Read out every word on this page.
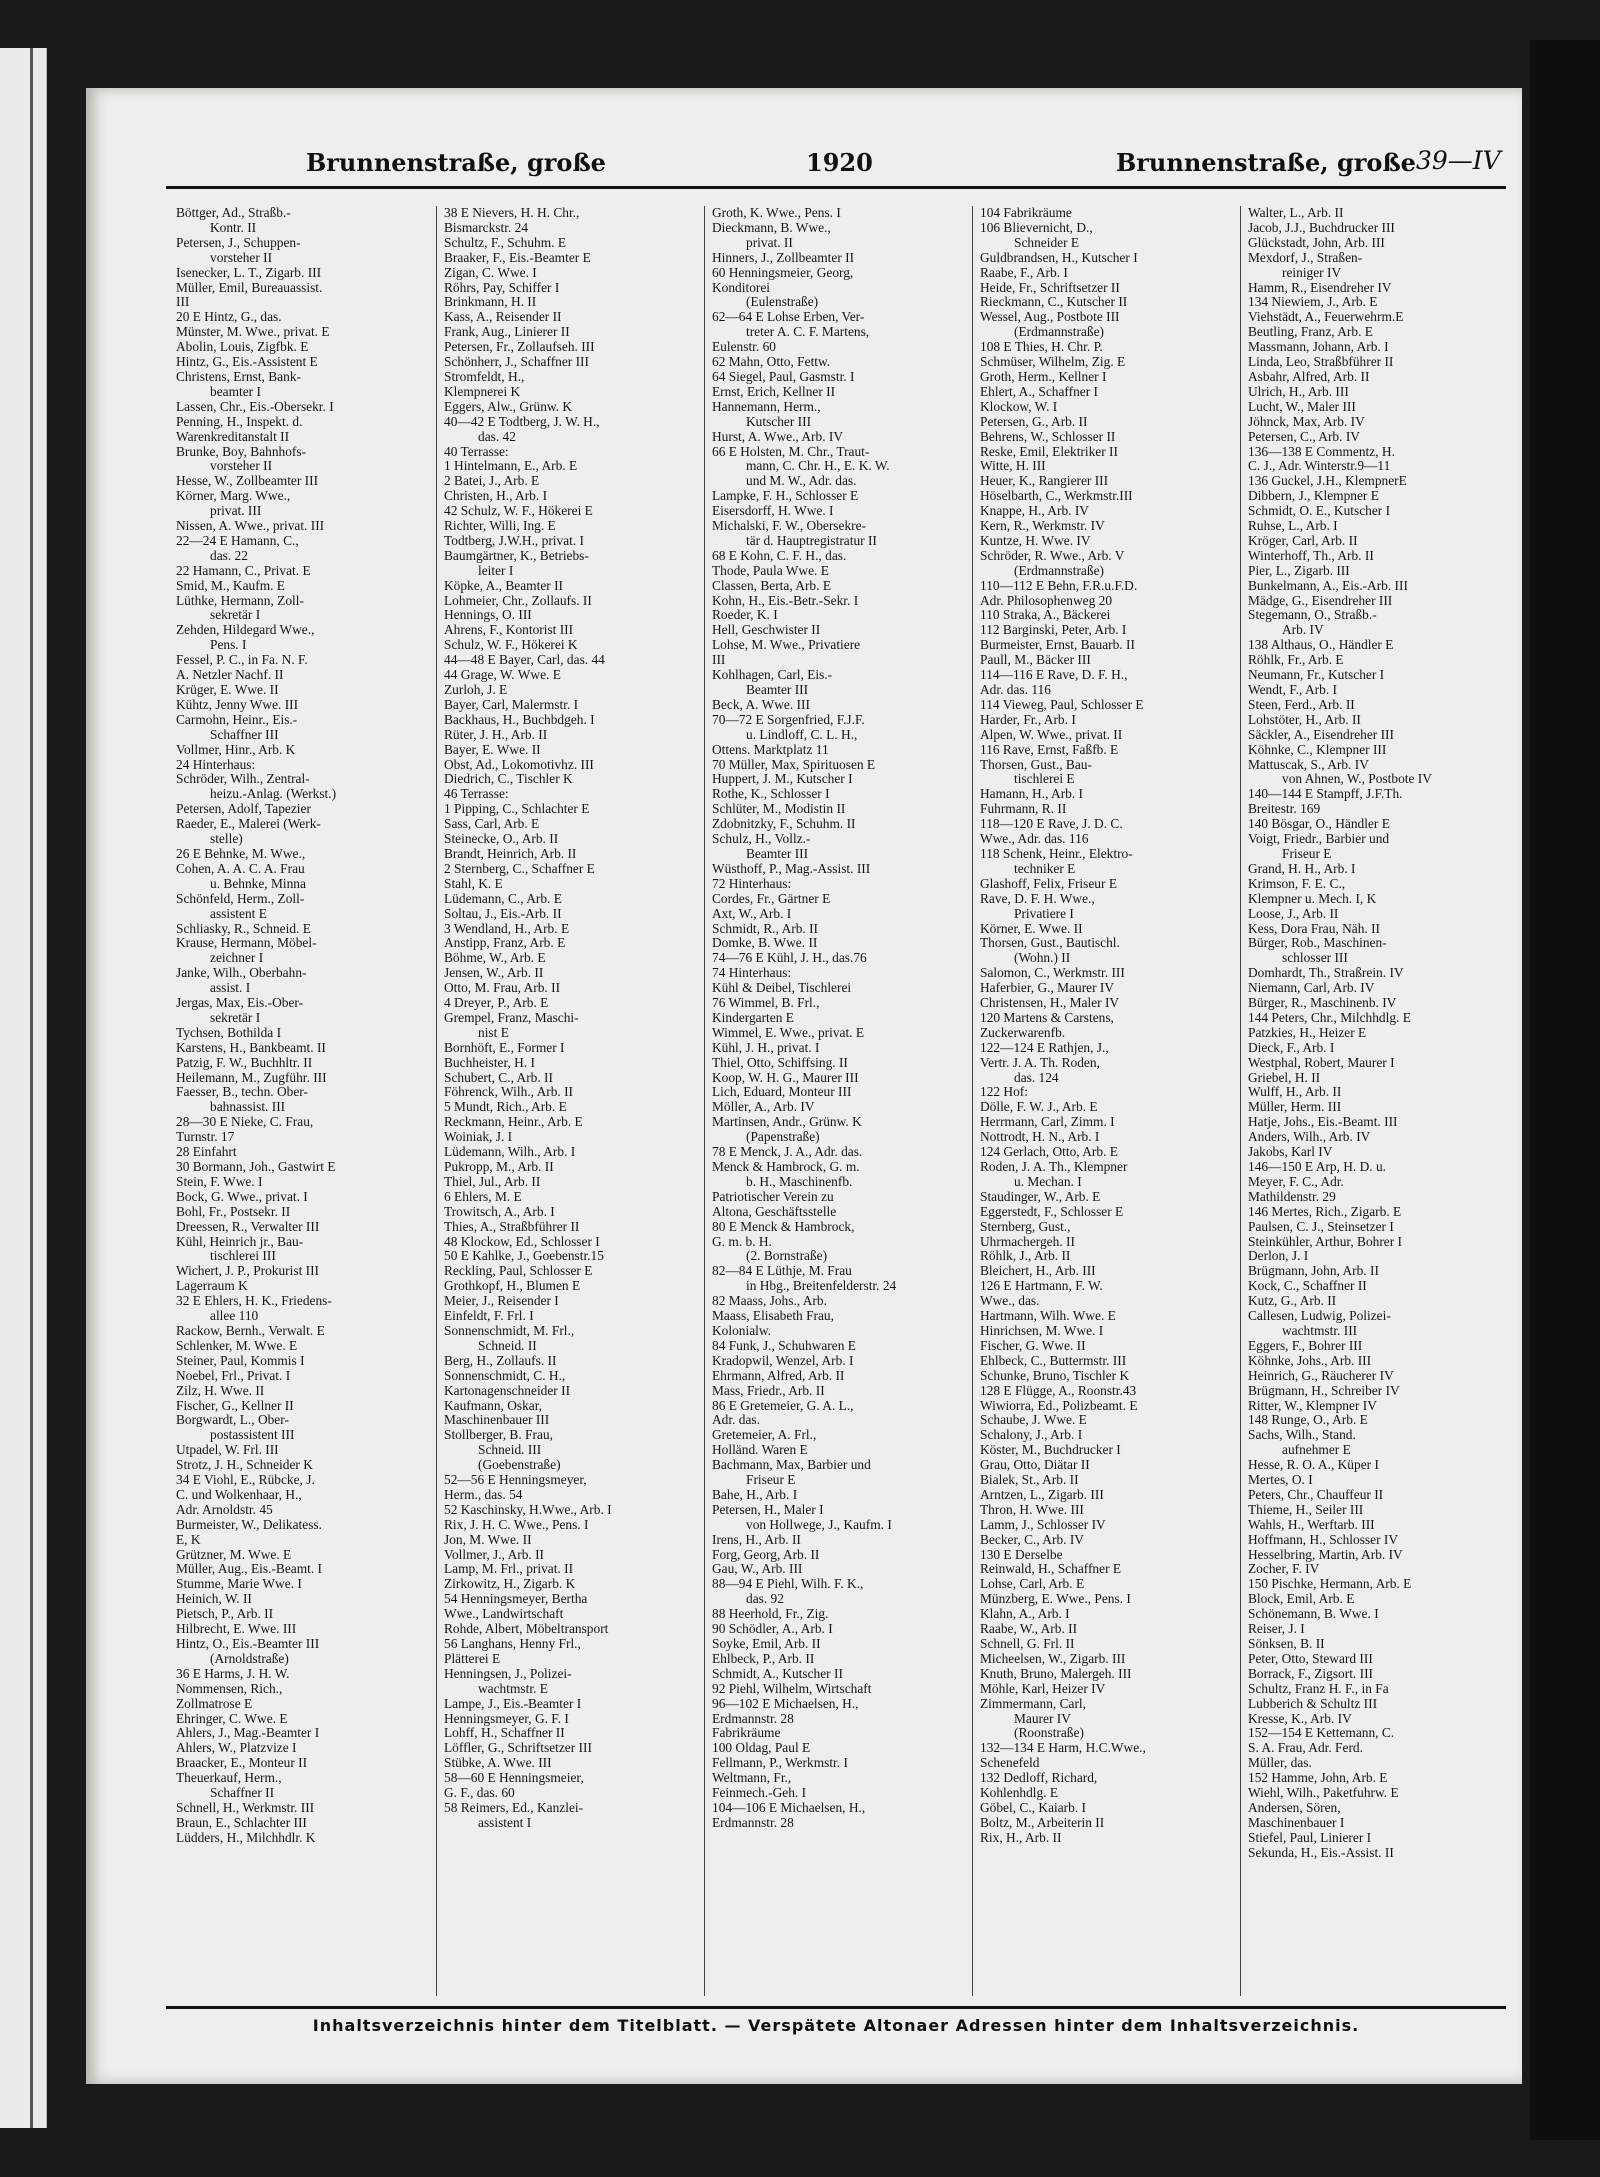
Brunnenstraße, große	1920	Brunnenstraße, große 39—IV
Böttger, Ad., Straßb.-
Kontr. II
Petersen, J., Schuppen-
vorsteher II
Isenecker, L. T., Zigarb. III
Müller, Emil, Bureauassist.
III
20 E Hintz, G., das.
Münster, M. Wwe., privat. E
Abolin, Louis, Zigfbk. E
Hintz, G., Eis.-Assistent E
Christens, Ernst, Bank-
beamter I
Lassen, Chr., Eis.-Obersekr. I
Penning, H., Inspekt. d.
Warenkreditanstalt II
Brunke, Boy, Bahnhofs-
vorsteher II
Hesse, W., Zollbeamter III
Körner, Marg. Wwe.,
privat. III
Nissen, A. Wwe., privat. III
22—24 E Hamann, C.,
das. 22
22 Hamann, C., Privat. E
Smid, M., Kaufm. E
Lüthke, Hermann, Zoll-
sekretär I
Zehden, Hildegard Wwe.,
Pens. I
Fessel, P. C., in Fa. N. F.
A. Netzler Nachf. II
Krüger, E. Wwe. II
Kühtz, Jenny Wwe. III
Carmohn, Heinr., Eis.-
Schaffner III
Vollmer, Hinr., Arb. K
24 Hinterhaus:
Schröder, Wilh., Zentral-
heizu.-Anlag. (Werkst.)
Petersen, Adolf, Tapezier
Raeder, E., Malerei (Werk-
stelle)
26 E Behnke, M. Wwe.,
Cohen, A. A. C. A. Frau
u. Behnke, Minna
Schönfeld, Herm., Zoll-
assistent E
Schliasky, R., Schneid. E
Krause, Hermann, Möbel-
zeichner I
Janke, Wilh., Oberbahn-
assist. I
Jergas, Max, Eis.-Ober-
sekretär I
Tychsen, Bothilda I
Karstens, H., Bankbeamt. II
Patzig, F. W., Buchhltr. II
Heilemann, M., Zugführ. III
Faesser, B., techn. Ober-
bahnassist. III
28—30 E Nieke, C. Frau,
Turnstr. 17
28 Einfahrt
30 Bormann, Joh., Gastwirt E
Stein, F. Wwe. I
Bock, G. Wwe., privat. I
Bohl, Fr., Postsekr. II
Dreessen, R., Verwalter III
Kühl, Heinrich jr., Bau-
tischlerei III
Wichert, J. P., Prokurist III
Lagerraum K
32 E Ehlers, H. K., Friedens-
allee 110
Rackow, Bernh., Verwalt. E
Schlenker, M. Wwe. E
Steiner, Paul, Kommis I
Noebel, Frl., Privat. I
Zilz, H. Wwe. II
Fischer, G., Kellner II
Borgwardt, L., Ober-
postassistent III
Utpadel, W. Frl. III
Strotz, J. H., Schneider K
34 E Viohl, E., Rübcke, J.
C. und Wolkenhaar, H.,
Adr. Arnoldstr. 45
Burmeister, W., Delikatess.
E, K
Grützner, M. Wwe. E
Müller, Aug., Eis.-Beamt. I
Stumme, Marie Wwe. I
Heinich, W. II
Pietsch, P., Arb. II
Hilbrecht, E. Wwe. III
Hintz, O., Eis.-Beamter III
(Arnoldstraße)
36 E Harms, J. H. W.
Nommensen, Rich.,
Zollmatrose E
Ehringer, C. Wwe. E
Ahlers, J., Mag.-Beamter I
Ahlers, W., Platzvize I
Braacker, E., Monteur II
Theuerkauf, Herm.,
Schaffner II
Schnell, H., Werkmstr. III
Braun, E., Schlachter III
Lüdders, H., Milchhdlr. K
38 E Nievers, H. H. Chr.,
Bismarckstr. 24
Schultz, F., Schuhm. E
Braaker, F., Eis.-Beamter E
Zigan, C. Wwe. I
Röhrs, Pay, Schiffer I
Brinkmann, H. II
Kass, A., Reisender II
Frank, Aug., Linierer II
Petersen, Fr., Zollaufseh. III
Schönherr, J., Schaffner III
Stromfeldt, H.,
Klempnerei K
Eggers, Alw., Grünw. K
40—42 E Todtberg, J. W. H.,
das. 42
40 Terrasse:
1 Hintelmann, E., Arb. E
2 Batei, J., Arb. E
Christen, H., Arb. I
42 Schulz, W. F., Hökerei E
Richter, Willi, Ing. E
Todtberg, J.W.H., privat. I
Baumgärtner, K., Betriebs-
leiter I
Köpke, A., Beamter II
Lohmeier, Chr., Zollaufs. II
Hennings, O. III
Ahrens, F., Kontorist III
Schulz, W. F., Hökerei K
44—48 E Bayer, Carl, das. 44
44 Grage, W. Wwe. E
Zurloh, J. E
Bayer, Carl, Malermstr. I
Backhaus, H., Buchbdgeh. I
Rüter, J. H., Arb. II
Bayer, E. Wwe. II
Obst, Ad., Lokomotivhz. III
Diedrich, C., Tischler K
46 Terrasse:
1 Pipping, C., Schlachter E
Sass, Carl, Arb. E
Steinecke, O., Arb. II
Brandt, Heinrich, Arb. II
2 Sternberg, C., Schaffner E
Stahl, K. E
Lüdemann, C., Arb. E
Soltau, J., Eis.-Arb. II
3 Wendland, H., Arb. E
Anstipp, Franz, Arb. E
Böhme, W., Arb. E
Jensen, W., Arb. II
Otto, M. Frau, Arb. II
4 Dreyer, P., Arb. E
Grempel, Franz, Maschi-
nist E
Bornhöft, E., Former I
Buchheister, H. I
Schubert, C., Arb. II
Föhrenck, Wilh., Arb. II
5 Mundt, Rich., Arb. E
Reckmann, Heinr., Arb. E
Woiniak, J. I
Lüdemann, Wilh., Arb. I
Pukropp, M., Arb. II
Thiel, Jul., Arb. II
6 Ehlers, M. E
Trowitsch, A., Arb. I
Thies, A., Straßbführer II
48 Klockow, Ed., Schlosser I
50 E Kahlke, J., Goebenstr.15
Reckling, Paul, Schlosser E
Grothkopf, H., Blumen E
Meier, J., Reisender I
Einfeldt, F. Frl. I
Sonnenschmidt, M. Frl.,
Schneid. II
Berg, H., Zollaufs. II
Sonnenschmidt, C. H.,
Kartonagenschneider II
Kaufmann, Oskar,
Maschinenbauer III
Stollberger, B. Frau,
Schneid. III
(Goebenstraße)
52—56 E Henningsmeyer,
Herm., das. 54
52 Kaschinsky, H.Wwe., Arb. I
Rix, J. H. C. Wwe., Pens. I
Jon, M. Wwe. II
Vollmer, J., Arb. II
Lamp, M. Frl., privat. II
Zirkowitz, H., Zigarb. K
54 Henningsmeyer, Bertha
Wwe., Landwirtschaft
Rohde, Albert, Möbeltransport
56 Langhans, Henny Frl.,
Plätterei E
Henningsen, J., Polizei-
wachtmstr. E
Lampe, J., Eis.-Beamter I
Henningsmeyer, G. F. I
Lohff, H., Schaffner II
Löffler, G., Schriftsetzer III
Stübke, A. Wwe. III
58—60 E Henningsmeier,
G. F., das. 60
58 Reimers, Ed., Kanzlei-
assistent I
Groth, K. Wwe., Pens. I
Dieckmann, B. Wwe.,
privat. II
Hinners, J., Zollbeamter II
60 Henningsmeier, Georg,
Konditorei
(Eulenstraße)
62—64 E Lohse Erben, Ver-
treter A. C. F. Martens,
Eulenstr. 60
62 Mahn, Otto, Fettw.
64 Siegel, Paul, Gasmstr. I
Ernst, Erich, Kellner II
Hannemann, Herm.,
Kutscher III
Hurst, A. Wwe., Arb. IV
66 E Holsten, M. Chr., Traut-
mann, C. Chr. H., E. K. W.
und M. W., Adr. das.
Lampke, F. H., Schlosser E
Eisersdorff, H. Wwe. I
Michalski, F. W., Obersekre-
tär d. Hauptregistratur II
68 E Kohn, C. F. H., das.
Thode, Paula Wwe. E
Classen, Berta, Arb. E
Kohn, H., Eis.-Betr.-Sekr. I
Roeder, K. I
Hell, Geschwister II
Lohse, M. Wwe., Privatiere
III
Kohlhagen, Carl, Eis.-
Beamter III
Beck, A. Wwe. III
70—72 E Sorgenfried, F.J.F.
u. Lindloff, C. L. H.,
Ottens. Marktplatz 11
70 Müller, Max, Spirituosen E
Huppert, J. M., Kutscher I
Rothe, K., Schlosser I
Schlüter, M., Modistin II
Zdobnitzky, F., Schuhm. II
Schulz, H., Vollz.-
Beamter III
Wüsthoff, P., Mag.-Assist. III
72 Hinterhaus:
Cordes, Fr., Gärtner E
Axt, W., Arb. I
Schmidt, R., Arb. II
Domke, B. Wwe. II
74—76 E Kühl, J. H., das.76
74 Hinterhaus:
Kühl & Deibel, Tischlerei
76 Wimmel, B. Frl.,
Kindergarten E
Wimmel, E. Wwe., privat. E
Kühl, J. H., privat. I
Thiel, Otto, Schiffsing. II
Koop, W. H. G., Maurer III
Lich, Eduard, Monteur III
Möller, A., Arb. IV
Martinsen, Andr., Grünw. K
(Papenstraße)
78 E Menck, J. A., Adr. das.
Menck & Hambrock, G. m.
b. H., Maschinenfb.
Patriotischer Verein zu
Altona, Geschäftsstelle
80 E Menck & Hambrock,
G. m. b. H.
(2. Bornstraße)
82—84 E Lüthje, M. Frau
in Hbg., Breitenfelderstr. 24
82 Maass, Johs., Arb.
Maass, Elisabeth Frau,
Kolonialw.
84 Funk, J., Schuhwaren E
Kradopwil, Wenzel, Arb. I
Ehrmann, Alfred, Arb. II
Mass, Friedr., Arb. II
86 E Gretemeier, G. A. L.,
Adr. das.
Gretemeier, A. Frl.,
Holländ. Waren E
Bachmann, Max, Barbier und
Friseur E
Bahe, H., Arb. I
Petersen, H., Maler I
von Hollwege, J., Kaufm. I
Irens, H., Arb. II
Forg, Georg, Arb. II
Gau, W., Arb. III
88—94 E Piehl, Wilh. F. K.,
das. 92
88 Heerhold, Fr., Zig.
90 Schödler, A., Arb. I
Soyke, Emil, Arb. II
Ehlbeck, P., Arb. II
Schmidt, A., Kutscher II
92 Piehl, Wilhelm, Wirtschaft
96—102 E Michaelsen, H.,
Erdmannstr. 28
Fabrikräume
100 Oldag, Paul E
Fellmann, P., Werkmstr. I
Weltmann, Fr.,
Feinmech.-Geh. I
104—106 E Michaelsen, H.,
Erdmannstr. 28
104 Fabrikräume
106 Blievernicht, D.,
Schneider E
Guldbrandsen, H., Kutscher I
Raabe, F., Arb. I
Heide, Fr., Schriftsetzer II
Rieckmann, C., Kutscher II
Wessel, Aug., Postbote III
(Erdmannstraße)
108 E Thies, H. Chr. P.
Schmüser, Wilhelm, Zig. E
Groth, Herm., Kellner I
Ehlert, A., Schaffner I
Klockow, W. I
Petersen, G., Arb. II
Behrens, W., Schlosser II
Reske, Emil, Elektriker II
Witte, H. III
Heuer, K., Rangierer III
Höselbarth, C., Werkmstr.III
Knappe, H., Arb. IV
Kern, R., Werkmstr. IV
Kuntze, H. Wwe. IV
Schröder, R. Wwe., Arb. V
(Erdmannstraße)
110—112 E Behn, F.R.u.F.D.
Adr. Philosophenweg 20
110 Straka, A., Bäckerei
112 Barginski, Peter, Arb. I
Burmeister, Ernst, Bauarb. II
Paull, M., Bäcker III
114—116 E Rave, D. F. H.,
Adr. das. 116
114 Vieweg, Paul, Schlosser E
Harder, Fr., Arb. I
Alpen, W. Wwe., privat. II
116 Rave, Ernst, Faßfb. E
Thorsen, Gust., Bau-
tischlerei E
Hamann, H., Arb. I
Fuhrmann, R. II
118—120 E Rave, J. D. C.
Wwe., Adr. das. 116
118 Schenk, Heinr., Elektro-
techniker E
Glashoff, Felix, Friseur E
Rave, D. F. H. Wwe.,
Privatiere I
Körner, E. Wwe. II
Thorsen, Gust., Bautischl.
(Wohn.) II
Salomon, C., Werkmstr. III
Haferbier, G., Maurer IV
Christensen, H., Maler IV
120 Martens & Carstens,
Zuckerwarenfb.
122—124 E Rathjen, J.,
Vertr. J. A. Th. Roden,
das. 124
122 Hof:
Dölle, F. W. J., Arb. E
Herrmann, Carl, Zimm. I
Nottrodt, H. N., Arb. I
124 Gerlach, Otto, Arb. E
Roden, J. A. Th., Klempner
u. Mechan. I
Staudinger, W., Arb. E
Eggerstedt, F., Schlosser E
Sternberg, Gust.,
Uhrmachergeh. II
Röhlk, J., Arb. II
Bleichert, H., Arb. III
126 E Hartmann, F. W.
Wwe., das.
Hartmann, Wilh. Wwe. E
Hinrichsen, M. Wwe. I
Fischer, G. Wwe. II
Ehlbeck, C., Buttermstr. III
Schunke, Bruno, Tischler K
128 E Flügge, A., Roonstr.43
Wiwiorra, Ed., Polizbeamt. E
Schaube, J. Wwe. E
Schalony, J., Arb. I
Köster, M., Buchdrucker I
Grau, Otto, Diätar II
Bialek, St., Arb. II
Arntzen, L., Zigarb. III
Thron, H. Wwe. III
Lamm, J., Schlosser IV
Becker, C., Arb. IV
130 E Derselbe
Reinwald, H., Schaffner E
Lohse, Carl, Arb. E
Münzberg, E. Wwe., Pens. I
Klahn, A., Arb. I
Raabe, W., Arb. II
Schnell, G. Frl. II
Micheelsen, W., Zigarb. III
Knuth, Bruno, Malergeh. III
Möhle, Karl, Heizer IV
Zimmermann, Carl,
Maurer IV
(Roonstraße)
132—134 E Harm, H.C.Wwe.,
Schenefeld
132 Dedloff, Richard,
Kohlenhdlg. E
Göbel, C., Kaiarb. I
Boltz, M., Arbeiterin II
Rix, H., Arb. II
Walter, L., Arb. II
Jacob, J.J., Buchdrucker III
Glückstadt, John, Arb. III
Mexdorf, J., Straßen-
reiniger IV
Hamm, R., Eisendreher IV
134 Niewiem, J., Arb. E
Viehstädt, A., Feuerwehrm.E
Beutling, Franz, Arb. E
Massmann, Johann, Arb. I
Linda, Leo, Straßbführer II
Asbahr, Alfred, Arb. II
Ulrich, H., Arb. III
Lucht, W., Maler III
Jöhnck, Max, Arb. IV
Petersen, C., Arb. IV
136—138 E Commentz, H.
C. J., Adr. Winterstr.9—11
136 Guckel, J.H., KlempnerE
Dibbern, J., Klempner E
Schmidt, O. E., Kutscher I
Ruhse, L., Arb. I
Kröger, Carl, Arb. II
Winterhoff, Th., Arb. II
Pier, L., Zigarb. III
Bunkelmann, A., Eis.-Arb. III
Mädge, G., Eisendreher III
Stegemann, O., Straßb.-
Arb. IV
138 Althaus, O., Händler E
Röhlk, Fr., Arb. E
Neumann, Fr., Kutscher I
Wendt, F., Arb. I
Steen, Ferd., Arb. II
Lohstöter, H., Arb. II
Säckler, A., Eisendreher III
Köhnke, C., Klempner III
Mattuscak, S., Arb. IV
von Ahnen, W., Postbote IV
140—144 E Stampff, J.F.Th.
Breitestr. 169
140 Bösgar, O., Händler E
Voigt, Friedr., Barbier und
Friseur E
Grand, H. H., Arb. I
Krimson, F. E. C.,
Klempner u. Mech. I, K
Loose, J., Arb. II
Kess, Dora Frau, Näh. II
Bürger, Rob., Maschinen-
schlosser III
Domhardt, Th., Straßrein. IV
Niemann, Carl, Arb. IV
Bürger, R., Maschinenb. IV
144 Peters, Chr., Milchhdlg. E
Patzkies, H., Heizer E
Dieck, F., Arb. I
Westphal, Robert, Maurer I
Griebel, H. II
Wulff, H., Arb. II
Müller, Herm. III
Hatje, Johs., Eis.-Beamt. III
Anders, Wilh., Arb. IV
Jakobs, Karl IV
146—150 E Arp, H. D. u.
Meyer, F. C., Adr.
Mathildenstr. 29
146 Mertes, Rich., Zigarb. E
Paulsen, C. J., Steinsetzer I
Steinkühler, Arthur, Bohrer I
Derlon, J. I
Brügmann, John, Arb. II
Kock, C., Schaffner II
Kutz, G., Arb. II
Callesen, Ludwig, Polizei-
wachtmstr. III
Eggers, F., Bohrer III
Köhnke, Johs., Arb. III
Heinrich, G., Räucherer IV
Brügmann, H., Schreiber IV
Ritter, W., Klempner IV
148 Runge, O., Arb. E
Sachs, Wilh., Stand.
aufnehmer E
Hesse, R. O. A., Küper I
Mertes, O. I
Peters, Chr., Chauffeur II
Thieme, H., Seiler III
Wahls, H., Werftarb. III
Hoffmann, H., Schlosser IV
Hesselbring, Martin, Arb. IV
Zocher, F. IV
150 Pischke, Hermann, Arb. E
Block, Emil, Arb. E
Schönemann, B. Wwe. I
Reiser, J. I
Sönksen, B. II
Peter, Otto, Steward III
Borrack, F., Zigsort. III
Schultz, Franz H. F., in Fa
Lubberich & Schultz III
Kresse, K., Arb. IV
152—154 E Kettemann, C.
S. A. Frau, Adr. Ferd.
Müller, das.
152 Hamme, John, Arb. E
Wiehl, Wilh., Paketfuhrw. E
Andersen, Sören,
Maschinenbauer I
Stiefel, Paul, Linierer I
Sekunda, H., Eis.-Assist. II
Inhaltsverzeichnis hinter dem Titelblatt. — Verspätete Altonaer Adressen hinter dem Inhaltsverzeichnis.
